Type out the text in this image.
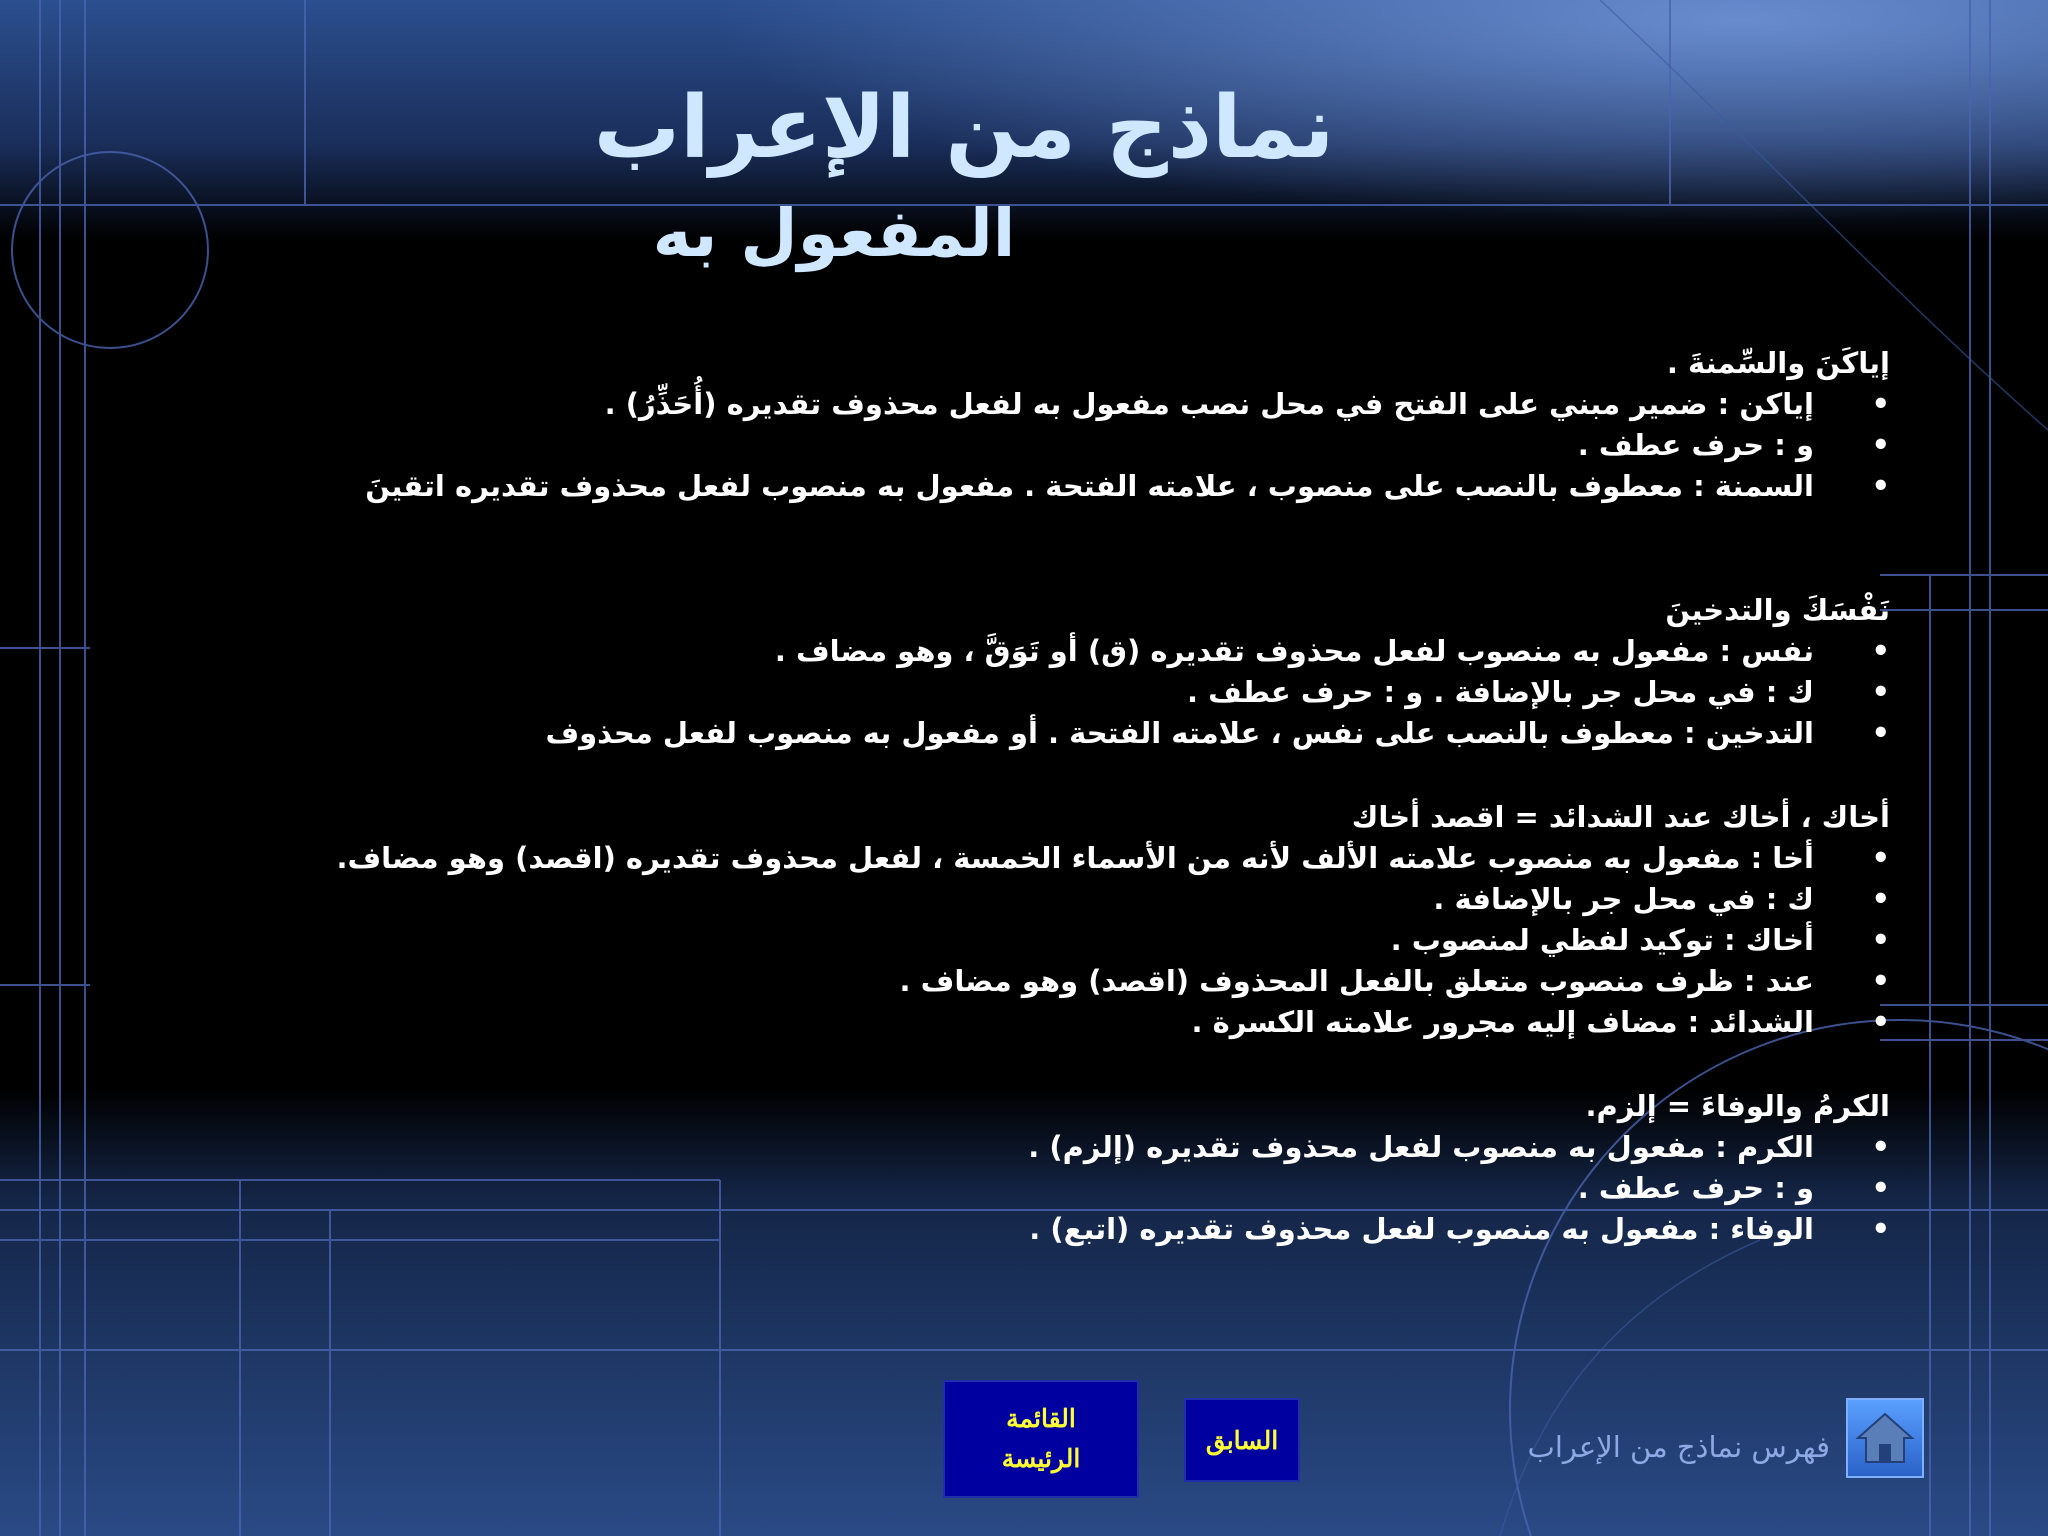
نماذج من الإعراب
المفعول به
إياكَنَ والسِّمنةَ .
• إياكن : ضمير مبني على الفتح في محل نصب مفعول به لفعل محذوف تقديره (أُحَذِّرُ) .
• و : حرف عطف .
• السمنة : معطوف بالنصب على منصوب ، علامته الفتحة . مفعول به منصوب لفعل محذوف تقديره اتقينَ
نَفْسَكَ والتدخينَ
• نفس : مفعول به منصوب لفعل محذوف تقديره (ق) أو تَوَقَّ ، وهو مضاف .
• ك : في محل جر بالإضافة . و : حرف عطف .
• التدخين : معطوف بالنصب على نفس ، علامته الفتحة . أو مفعول به منصوب لفعل محذوف
أخاك ، أخاك عند الشدائد = اقصد أخاك
• أخا : مفعول به منصوب علامته الألف لأنه من الأسماء الخمسة ، لفعل محذوف تقديره (اقصد) وهو مضاف.
• ك : في محل جر بالإضافة .
• أخاك : توكيد لفظي لمنصوب .
• عند : ظرف منصوب متعلق بالفعل المحذوف (اقصد) وهو مضاف .
• الشدائد : مضاف إليه مجرور علامته الكسرة .
الكرمُ والوفاءَ = إلزم.
• الكرم : مفعول به منصوب لفعل محذوف تقديره (إلزم) .
• و : حرف عطف .
• الوفاء : مفعول به منصوب لفعل محذوف تقديره (اتبع) .
القائمة
الرئيسة
السابق	فهرس نماذج من الإعراب
